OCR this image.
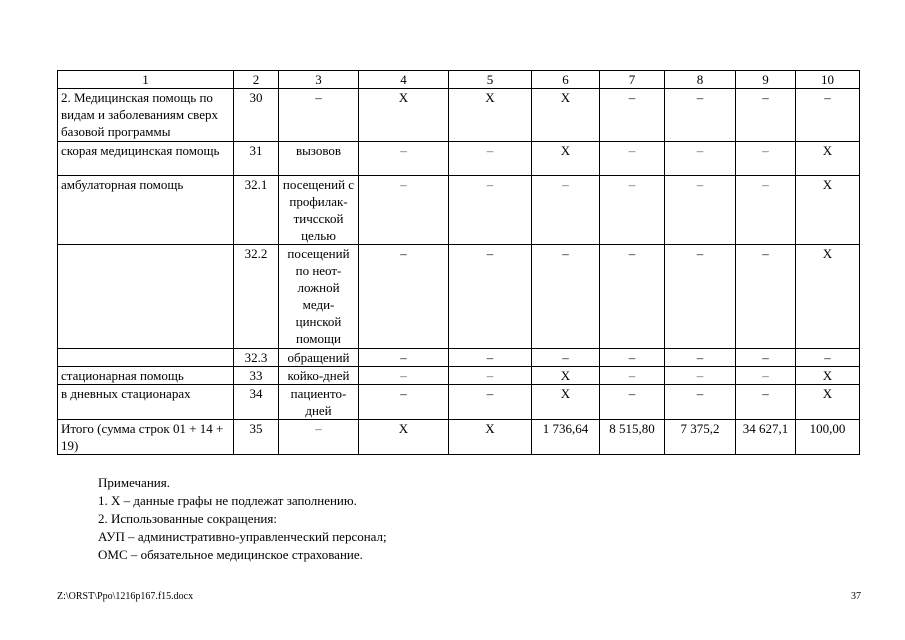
1	2	3	4	5	6	7	8	9	10
2. Медицинская помощь по видам и заболеваниям сверх базовой программы	30	–	X	X	X	–	–	–	–
скорая медицинская помощь	31	вызовов	–	–	X	–	–	–	X
амбулаторная помощь	32.1	посещений с профилак-тичсской целью	–	–	–	–	–	–	X
	32.2	посещений по неот-ложной меди-цинской помощи	–	–	–	–	–	–	X
	32.3	обращений	–	–	–	–	–	–	–
стационарная помощь	33	койко-дней	–	–	X	–	–	–	X
в дневных стационарах	34	пациенто-дней	–	–	X	–	–	–	X
Итого (сумма строк 01 + 14 + 19)	35	–	X	X	1 736,64	8 515,80	7 375,2	34 627,1	100,00
Примечания.
1. X – данные графы не подлежат заполнению.
2. Использованные сокращения:
АУП – административно-управленческий персонал;
ОМС – обязательное медицинское страхование.
Z:\ORST\Ppo\1216p167.f15.docx	37
